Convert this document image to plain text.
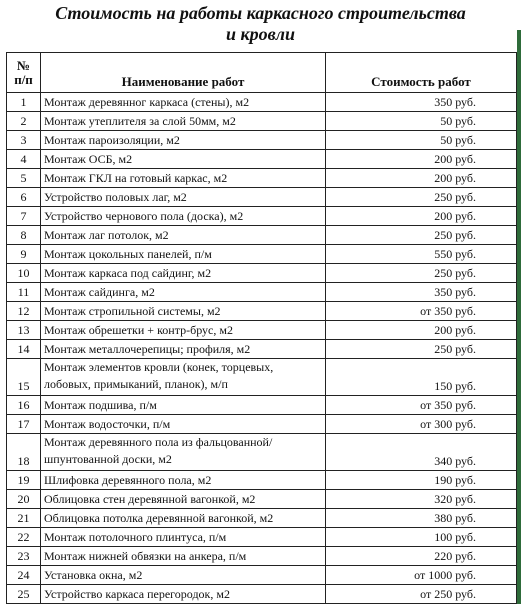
Стоимость на работы каркасного строительства
и кровли
№
п/п	Наименование работ	Стоимость работ
1	Монтаж деревянног каркаса (стены), м2	350 руб.
2	Монтаж утеплителя за слой 50мм, м2	50 руб.
3	Монтаж пароизоляции, м2	50 руб.
4	Монтаж ОСБ, м2	200 руб.
5	Монтаж ГКЛ на готовый каркас, м2	200 руб.
6	Устройство половых лаг, м2	250 руб.
7	Устройство чернового пола (доска), м2	200 руб.
8	Монтаж лаг потолок, м2	250 руб.
9	Монтаж цокольных панелей, п/м	550 руб.
10	Монтаж каркаса под сайдинг, м2	250 руб.
11	Монтаж сайдинга, м2	350 руб.
12	Монтаж стропильной системы, м2	от 350 руб.
13	Монтаж обрешетки + контр-брус, м2	200 руб.
14	Монтаж металлочерепицы; профиля, м2	250 руб.
15	Монтаж элементов кровли (конек, торцевых, лобовых, примыканий, планок), м/п	150 руб.
16	Монтаж подшива, п/м	от 350 руб.
17	Монтаж водосточки, п/м	от 300 руб.
18	Монтаж деревянного пола из фальцованной/ шпунтованной доски, м2	340 руб.
19	Шлифовка деревянного пола, м2	190 руб.
20	Облицовка стен деревянной вагонкой, м2	320 руб.
21	Облицовка потолка деревянной вагонкой, м2	380 руб.
22	Монтаж потолочного плинтуса, п/м	100 руб.
23	Монтаж нижней обвязки на анкера, п/м	220 руб.
24	Установка окна, м2	от 1000 руб.
25	Устройство каркаса перегородок, м2	от 250 руб.
